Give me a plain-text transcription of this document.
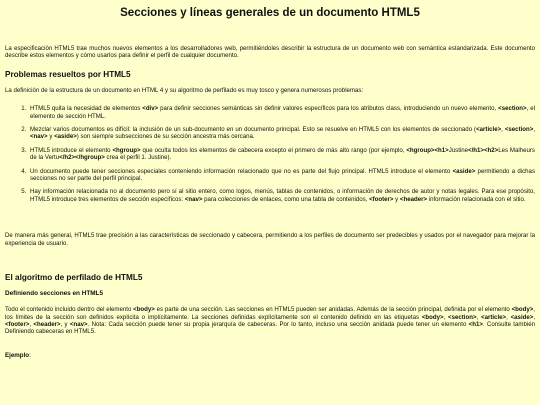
Secciones y líneas generales de un documento HTML5

La especificación HTML5 trae muchos nuevos elementos a los desarrolladores web, permitiéndoles describir la estructura de un documento web con semántica estandarizada. Este documento describe estos elementos y cómo usarlos para definir el perfil de cualquier documento.

Problemas resueltos por HTML5

La definición de la estructura de un documento en HTML 4 y su algoritmo de perfilado es muy tosco y genera numerosos problemas:

1. HTML5 quita la necesidad de elementos <div> para definir secciones semánticas sin definir valores específicos para los atributos class, introduciendo un nuevo elemento, <section>, el elemento de sección HTML.
2. Mezclar varios documentos es difícil: la inclusión de un sub-documento en un documento principal. Esto se resuelve en HTML5 con los elementos de seccionado (<article>, <section>, <nav> y <aside>) son siempre subsecciones de su sección ancestra más cercana.
3. HTML5 introduce el elemento <hgroup> que oculta todos los elementos de cabecera excepto el primero de más alto rango (por ejemplo, <hgroup><h1>Justine</h1><h2>Les Malheurs de la Vertu</h2></hgroup> crea el perfil 1. Justine).
4. Un documento puede tener secciones especiales conteniendo información relacionado que no es parte del flujo principal. HTML5 introduce el elemento <aside> permitiendo a dichas secciones no ser parte del perfil principal.
5. Hay información relacionada no al documento pero sí al sitio entero, como logos, menús, tablas de contenidos, o información de derechos de autor y notas legales. Para ese propósito, HTML5 introduce tres elementos de sección específicos: <nav> para colecciones de enlaces, como una tabla de contenidos, <footer> y <header> información relacionada con el sitio.

De manera más general, HTML5 trae precisión a las características de seccionado y cabecera, permitiendo a los perfiles de documento ser predecibles y usados por el navegador para mejorar la experiencia de usuario.

El algoritmo de perfilado de HTML5
Definiendo secciones en HTML5

Todo el contenido incluido dentro del elemento <body> es parte de una sección. Las secciones en HTML5 pueden ser anidadas. Además de la sección principal, definida por el elemento <body>, los límites de la sección son definidos explícita o implícitamente. La secciones definidas explícitamente son el contenido definido en las etiquetas <body>, <section>, <article>, <aside>, <footer>, <header>, y <nav>. Nota: Cada sección puede tener su propia jerarquía de cabeceras. Por lo tanto, incluso una sección anidada puede tener un elemento <h1>. Consulte también Definiendo cabeceras en HTML5.

Ejemplo:
